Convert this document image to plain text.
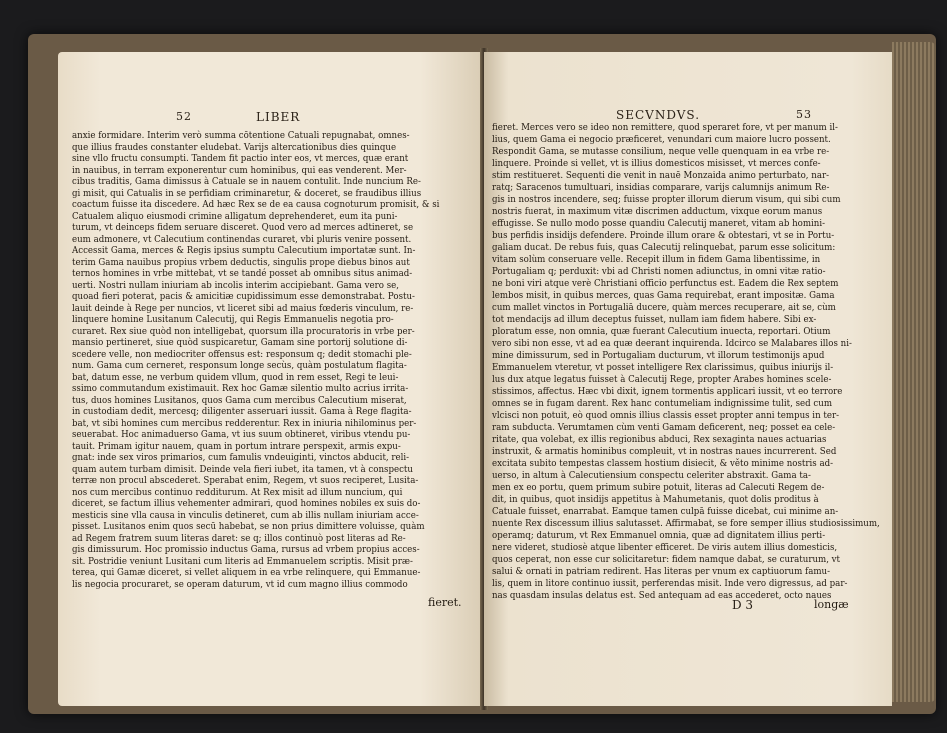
52	LIBER
anxie formidare. Interim verò summa cōtentione Catuali repugnabat, omnes-
que illius fraudes constanter eludebat. Varijs altercationibus dies quinque
sine vllo fructu consumpti. Tandem fit pactio inter eos, vt merces, quæ erant
in nauibus, in terram exponerentur cum hominibus, qui eas venderent. Mer-
cibus traditis, Gama dimissus à Catuale se in nauem contulit. Inde nuncium Re-
gi misit, qui Catualis in se perfidiam criminaretur, & doceret, se fraudibus illius
coactum fuisse ita discedere. Ad hæc Rex se de ea causa cognoturum promisit, & si
Catualem aliquo eiusmodi crimine alligatum deprehenderet, eum ita puni-
turum, vt deinceps fidem seruare disceret. Quod vero ad merces adtineret, se
eum admonere, vt Calecutium continendas curaret, vbi pluris venire possent.
Accessit Gama, merces & Regis ipsius sumptu Calecutium importatæ sunt. In-
terim Gama nauibus propius vrbem deductis, singulis prope diebus binos aut
ternos homines in vrbe mittebat, vt se tandé posset ab omnibus situs animad-
uerti. Nostri nullam iniuriam ab incolis interim accipiebant. Gama vero se,
quoad fieri poterat, pacis & amicitiæ cupidissimum esse demonstrabat. Postu-
lauit deinde à Rege per nuncios, vt liceret sibi ad maius fœderis vinculum, re-
linquere homine Lusitanum Calecutij, qui Regis Emmanuelis negotia pro-
curaret. Rex siue quòd non intelligebat, quorsum illa procuratoris in vrbe per-
mansio pertineret, siue quòd suspicaretur, Gamam sine portorij solutione di-
scedere velle, non mediocriter offensus est: responsum q; dedit stomachi ple-
num. Gama cum cerneret, responsum longe secùs, quàm postulatum flagita-
bat, datum esse, ne verbum quidem vllum, quod in rem esset, Regi te leui-
ssimo commutandum existimauit. Rex hoc Gamæ silentio multo acrius irrita-
tus, duos homines Lusitanos, quos Gama cum mercibus Calecutium miserat,
in custodiam dedit, mercesq; diligenter asseruari iussit. Gama à Rege flagita-
bat, vt sibi homines cum mercibus redderentur. Rex in iniuria nihilominus per-
seuerabat. Hoc animaduerso Gama, vt ius suum obtineret, viribus vtendu pu-
tauit. Primam igitur nauem, quam in portum intrare perspexit, armis expu-
gnat: inde sex viros primarios, cum famulis vndeuiginti, vinctos abducit, reli-
quam autem turbam dimisit. Deinde vela fieri iubet, ita tamen, vt à conspectu
terræ non procul abscederet. Sperabat enim, Regem, vt suos reciperet, Lusita-
nos cum mercibus continuo redditurum. At Rex misit ad illum nuncium, qui
diceret, se factum illius vehementer admirari, quod homines nobiles ex suis do-
mesticis sine vlla causa in vinculis detineret, cum ab illis nullam iniuriam acce-
pisset. Lusitanos enim quos secū habebat, se non prius dimittere voluisse, quàm
ad Regem fratrem suum literas daret: se q; illos continuò post literas ad Re-
gis dimissurum. Hoc promissio inductus Gama, rursus ad vrbem propius acces-
sit. Postridie veniunt Lusitani cum literis ad Emmanuelem scriptis. Misit præ-
terea, qui Gamæ diceret, si vellet aliquem in ea vrbe relinquere, qui Emmanue-
lis negocia procuraret, se operam daturum, vt id cum magno illius commodo
fieret.
SECVNDVS.	53
fieret. Merces vero se ideo non remittere, quod speraret fore, vt per manum il-
lius, quem Gama ei negocio præficeret, venundari cum maiore lucro possent.
Respondit Gama, se mutasse consilium, neque velle quenquam in ea vrbe re-
linquere. Proinde si vellet, vt is illius domesticos misisset, vt merces confe-
stim restitueret. Sequenti die venit in nauē Monzaida animo perturbato, nar-
ratq; Saracenos tumultuari, insidias comparare, varijs calumnijs animum Re-
gis in nostros incendere, seq; fuisse propter illorum dierum visum, qui sibi cum
nostris fuerat, in maximum vitæ discrimen adductum, vixque eorum manus
effugisse. Se nullo modo posse quandiu Calecutij maneret, vitam ab homini-
bus perfidis insidijs defendere. Proinde illum orare & obtestari, vt se in Portu-
galiam ducat. De rebus fuis, quas Calecutij relinquebat, parum esse solicitum:
vitam solùm conseruare velle. Recepit illum in fidem Gama libentissime, in
Portugaliam q; perduxit: vbi ad Christi nomen adiunctus, in omni vitæ ratio-
ne boni viri atque verè Christiani officio perfunctus est. Eadem die Rex septem
lembos misit, in quibus merces, quas Gama requirebat, erant impositæ. Gama
cum mallet vinctos in Portugaliā ducere, quàm merces recuperare, ait se, cùm
tot mendacijs ad illum deceptus fuisset, nullam iam fidem habere. Sibi ex-
ploratum esse, non omnia, quæ fuerant Calecutium inuecta, reportari. Otium
vero sibi non esse, vt ad ea quæ deerant inquirenda. Idcirco se Malabares illos ni-
mine dimissurum, sed in Portugaliam ducturum, vt illorum testimonijs apud
Emmanuelem vteretur, vt posset intelligere Rex clarissimus, quibus iniurijs il-
lus dux atque legatus fuisset à Calecutij Rege, propter Arabes homines scele-
stissimos, affectus. Hæc vbi dixit, ignem tormentis applicari iussit, vt eo terrore
omnes se in fugam darent. Rex hanc contumeliam indignissime tulit, sed cum
vlcisci non potuit, eò quod omnis illius classis esset propter anni tempus in ter-
ram subducta. Verumtamen cùm venti Gamam deficerent, neq; posset ea cele-
ritate, qua volebat, ex illis regionibus abduci, Rex sexaginta naues actuarias
instruxit, & armatis hominibus compleuit, vt in nostras naues incurrerent. Sed
excitata subito tempestas classem hostium disiecit, & věto minime nostris ad-
uerso, in altum à Calecutiensium conspectu celeriter abstraxit. Gama ta-
men ex eo portu, quem primum subire potuit, literas ad Calecuti Regem de-
dit, in quibus, quot insidijs appetitus à Mahumetanis, quot dolis proditus à
Catuale fuisset, enarrabat. Eamque tamen culpā fuisse dicebat, cui minime an-
nuente Rex discessum illius salutasset. Affirmabat, se fore semper illius studiosissimum,
operamq; daturum, vt Rex Emmanuel omnia, quæ ad dignitatem illius perti-
nere videret, studiosè atque libenter efficeret. De viris autem illius domesticis,
quos ceperat, non esse cur solicitaretur: fidem namque dabat, se curaturum, vt
salui & ornati in patriam redirent. Has literas per vnum ex captiuorum famu-
lis, quem in litore continuo iussit, perferendas misit. Inde vero digressus, ad par-
nas quasdam insulas delatus est. Sed antequam ad eas accederet, octo naues
D 3	longæ
